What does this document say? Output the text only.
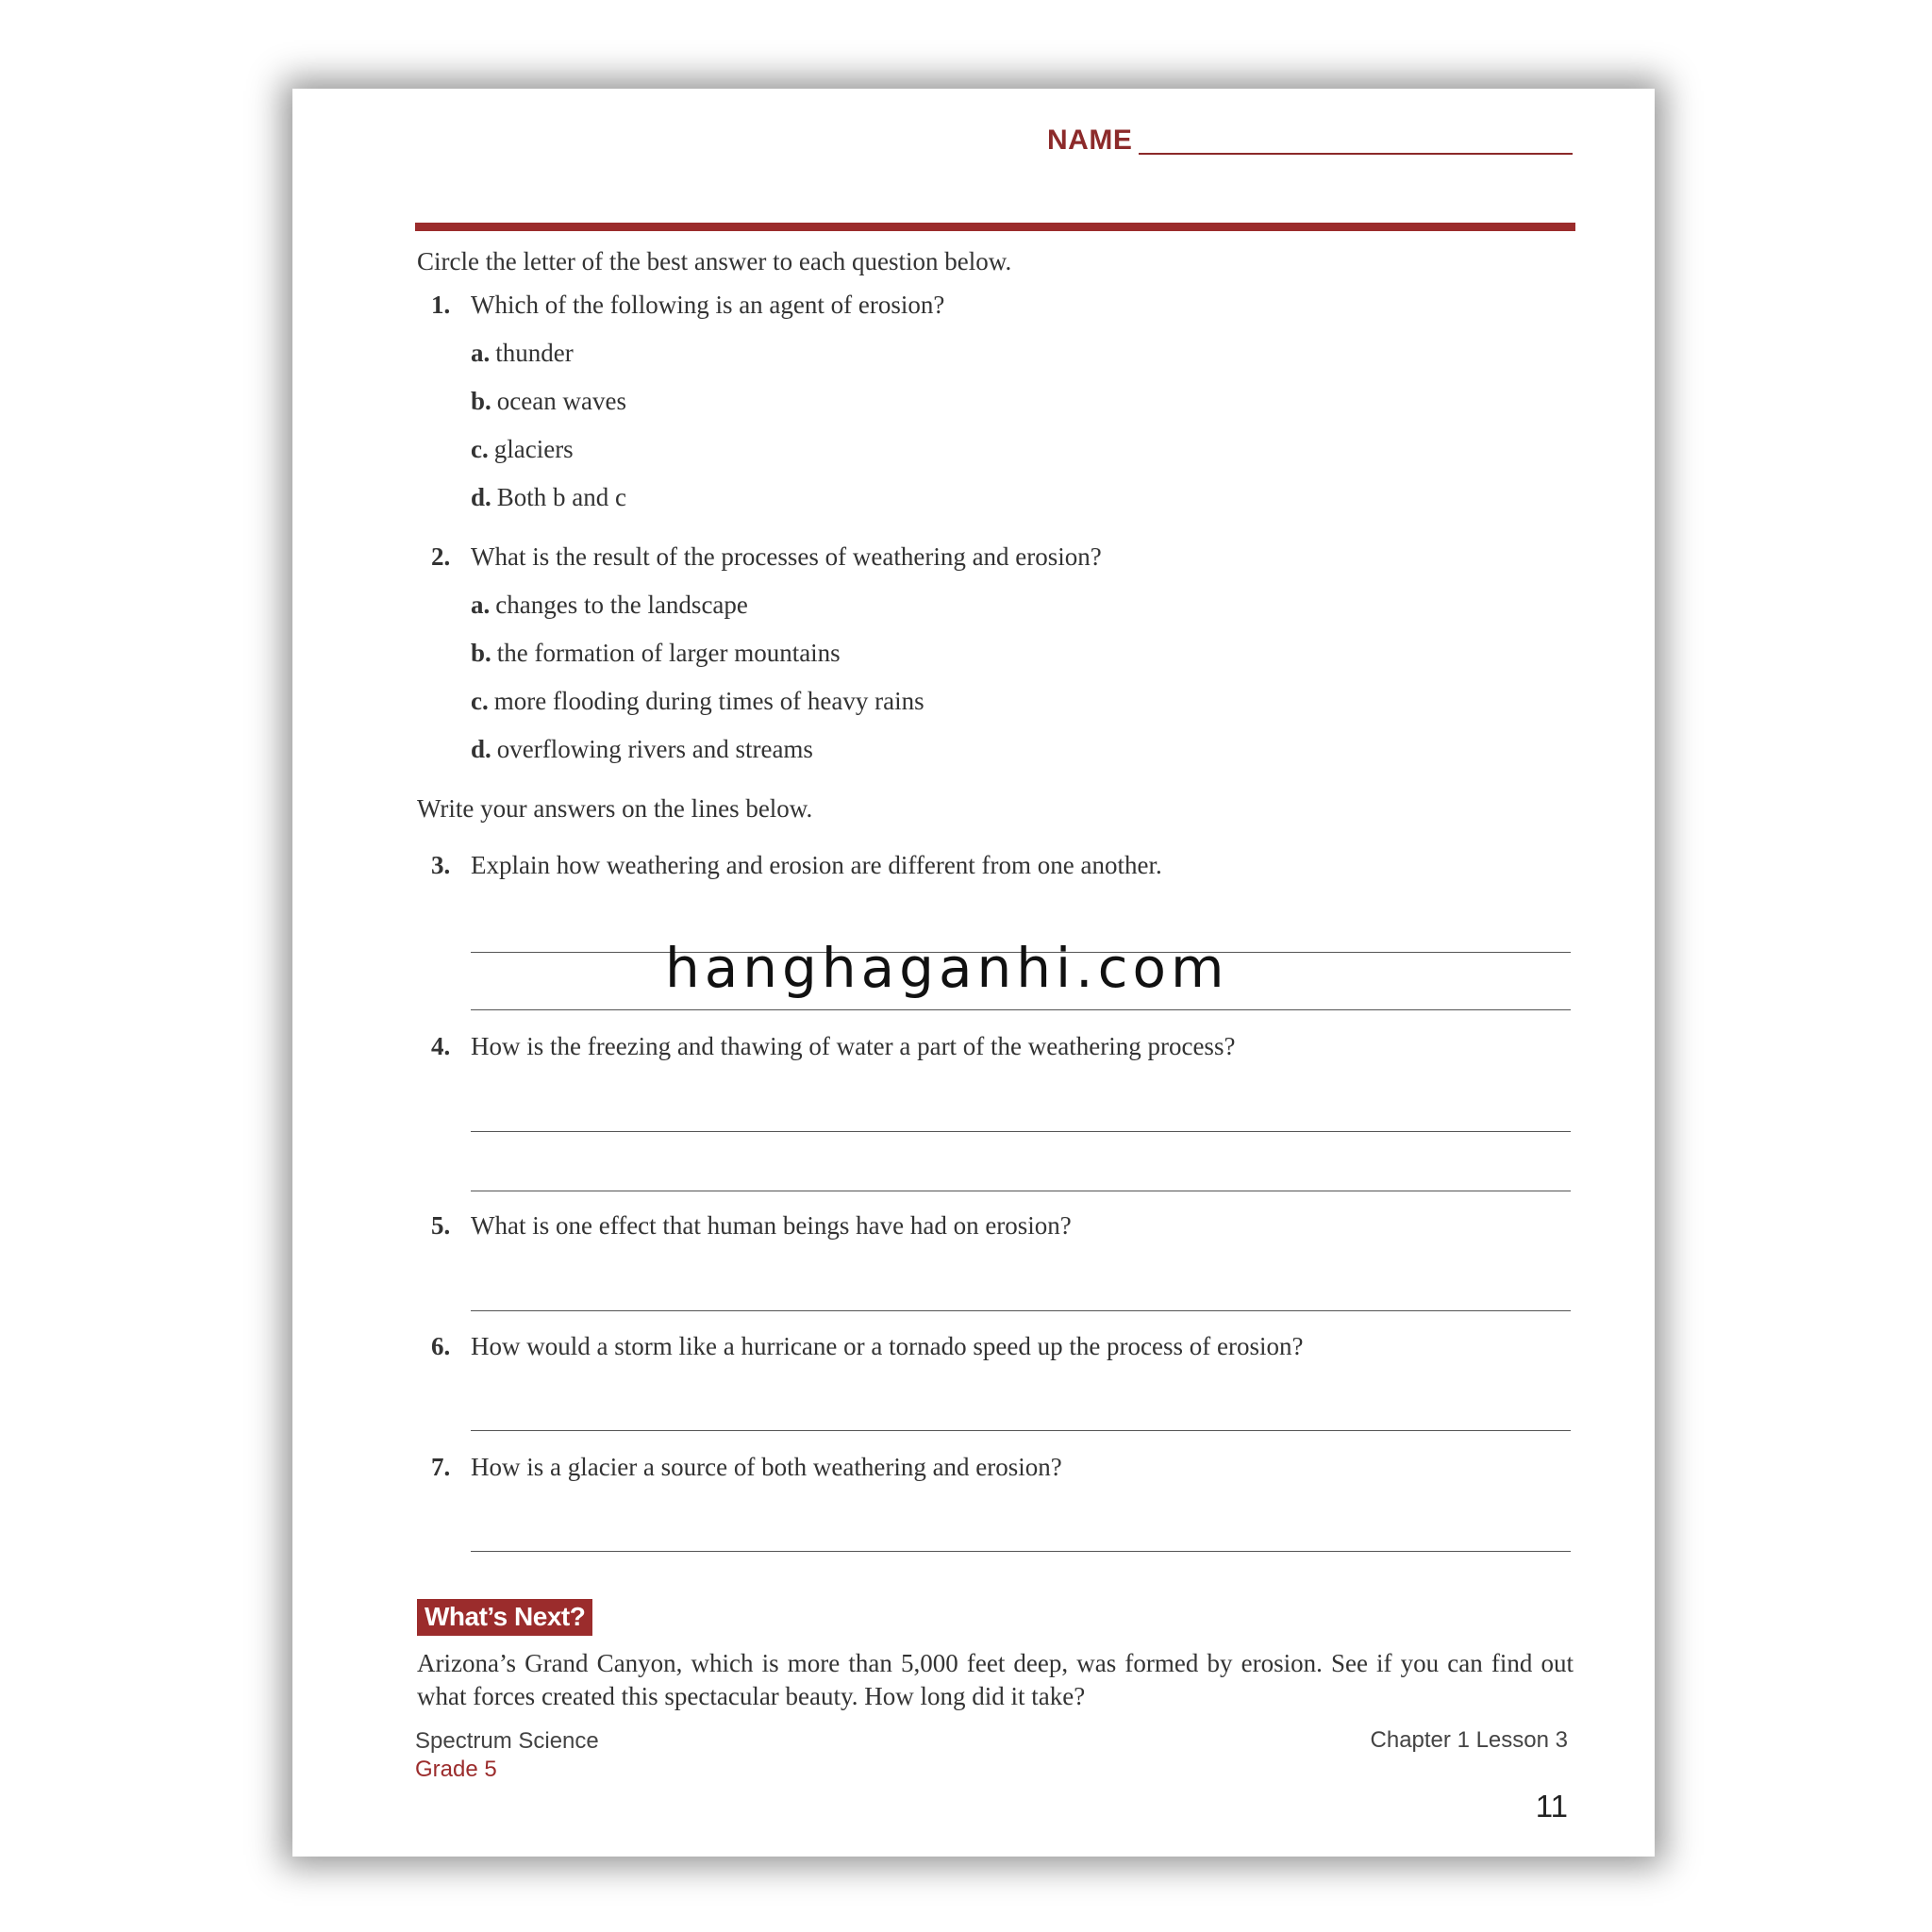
NAME
Circle the letter of the best answer to each question below.
1. Which of the following is an agent of erosion?
a. thunder
b. ocean waves
c. glaciers
d. Both b and c
2. What is the result of the processes of weathering and erosion?
a. changes to the landscape
b. the formation of larger mountains
c. more flooding during times of heavy rains
d. overflowing rivers and streams
Write your answers on the lines below.
3. Explain how weathering and erosion are different from one another.
4. How is the freezing and thawing of water a part of the weathering process?
5. What is one effect that human beings have had on erosion?
6. How would a storm like a hurricane or a tornado speed up the process of erosion?
7. How is a glacier a source of both weathering and erosion?
hanghaganhi.com
What’s Next?
Arizona’s Grand Canyon, which is more than 5,000 feet deep, was formed by erosion. See if you can find out what forces created this spectacular beauty. How long did it take?
Spectrum Science
Grade 5
Chapter 1 Lesson 3
11
